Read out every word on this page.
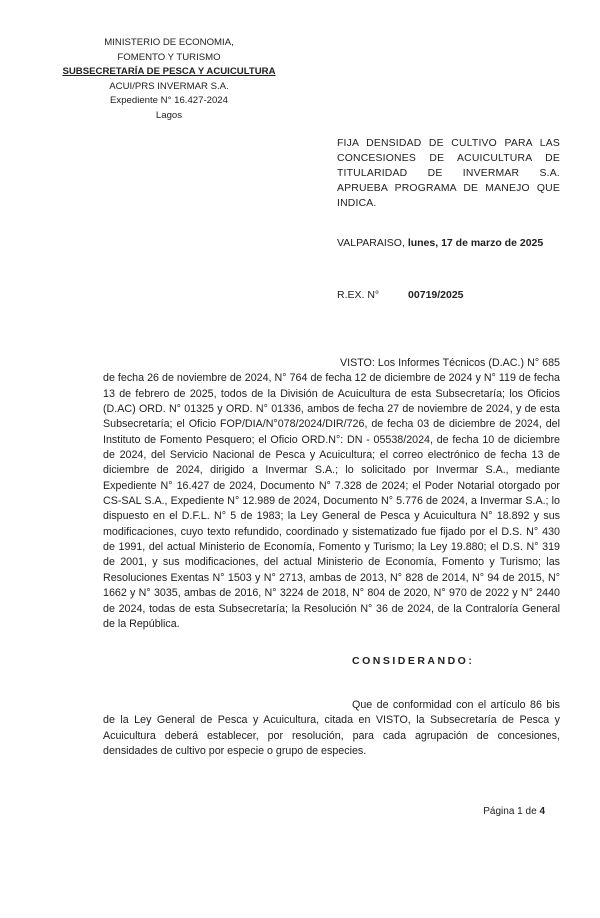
MINISTERIO DE ECONOMIA,
FOMENTO Y TURISMO
SUBSECRETARÍA DE PESCA Y ACUICULTURA
ACUI/PRS INVERMAR S.A.
Expediente N° 16.427-2024
Lagos
FIJA DENSIDAD DE CULTIVO PARA LAS CONCESIONES DE ACUICULTURA DE TITULARIDAD DE INVERMAR S.A. APRUEBA PROGRAMA DE MANEJO QUE INDICA.
VALPARAISO, lunes, 17 de marzo de 2025
R.EX. N°	00719/2025
VISTO: Los Informes Técnicos (D.AC.) N° 685 de fecha 26 de noviembre de 2024, N° 764 de fecha 12 de diciembre de 2024 y N° 119 de fecha 13 de febrero de 2025, todos de la División de Acuicultura de esta Subsecretaría; los Oficios (D.AC) ORD. N° 01325 y ORD. N° 01336, ambos de fecha 27 de noviembre de 2024, y de esta Subsecretaría; el Oficio FOP/DIA/N°078/2024/DIR/726, de fecha 03 de diciembre de 2024, del Instituto de Fomento Pesquero; el Oficio ORD.N°: DN - 05538/2024, de fecha 10 de diciembre de 2024, del Servicio Nacional de Pesca y Acuicultura; el correo electrónico de fecha 13 de diciembre de 2024, dirigido a Invermar S.A.; lo solicitado por Invermar S.A., mediante Expediente N° 16.427 de 2024, Documento N° 7.328 de 2024; el Poder Notarial otorgado por CS-SAL S.A., Expediente N° 12.989 de 2024, Documento N° 5.776 de 2024, a Invermar S.A.; lo dispuesto en el D.F.L. N° 5 de 1983; la Ley General de Pesca y Acuicultura N° 18.892 y sus modificaciones, cuyo texto refundido, coordinado y sistematizado fue fijado por el D.S. N° 430 de 1991, del actual Ministerio de Economía, Fomento y Turismo; la Ley 19.880; el D.S. N° 319 de 2001, y sus modificaciones, del actual Ministerio de Economía, Fomento y Turismo; las Resoluciones Exentas N° 1503 y N° 2713, ambas de 2013, N° 828 de 2014, N° 94 de 2015, N° 1662 y N° 3035, ambas de 2016, N° 3224 de 2018, N° 804 de 2020, N° 970 de 2022 y N° 2440 de 2024, todas de esta Subsecretaría; la Resolución N° 36 de 2024, de la Contraloría General de la República.
CONSIDERANDO:
Que de conformidad con el artículo 86 bis de la Ley General de Pesca y Acuicultura, citada en VISTO, la Subsecretaría de Pesca y Acuicultura deberá establecer, por resolución, para cada agrupación de concesiones, densidades de cultivo por especie o grupo de especies.
Página 1 de 4
